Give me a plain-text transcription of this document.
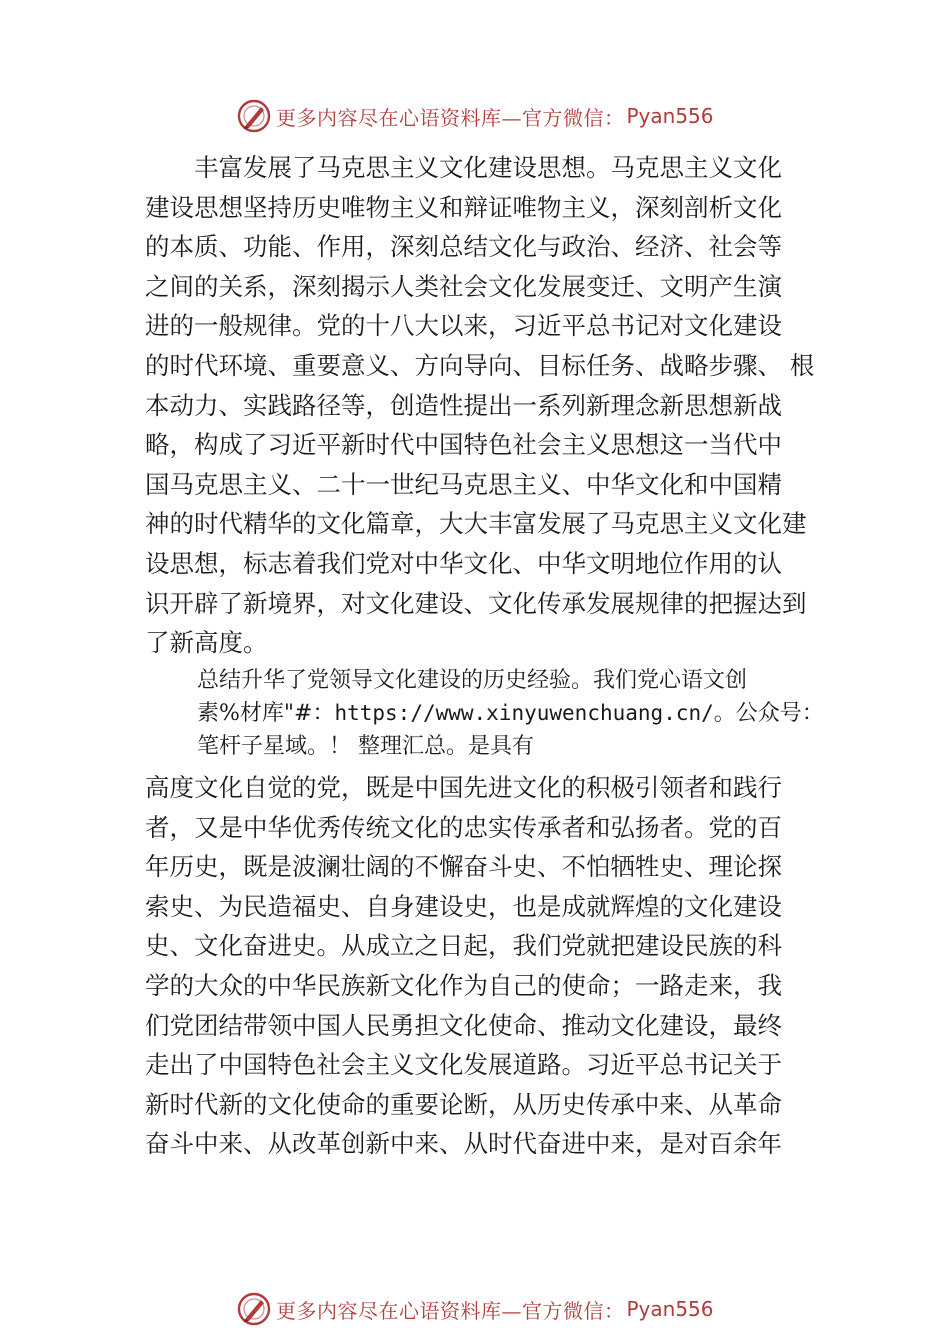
更多内容尽在心语资料库—官方微信： Pyan556
　　丰富发展了马克思主义文化建设思想。马克思主义文化
建设思想坚持历史唯物主义和辩证唯物主义，深刻剖析文化
的本质、功能、作用，深刻总结文化与政治、经济、社会等
之间的关系，深刻揭示人类社会文化发展变迁、文明产生演
进的一般规律。党的十八大以来，习近平总书记对文化建设
的时代环境、重要意义、方向导向、目标任务、战略步骤、 根
本动力、实践路径等，创造性提出一系列新理念新思想新战
略，构成了习近平新时代中国特色社会主义思想这一当代中
国马克思主义、二十一世纪马克思主义、中华文化和中国精
神的时代精华的文化篇章，大大丰富发展了马克思主义文化建
设思想，标志着我们党对中华文化、中华文明地位作用的认
识开辟了新境界，对文化建设、文化传承发展规律的把握达到
了新高度。
总结升华了党领导文化建设的历史经验。我们党心语文创
素%材库"#：https://www.xinyuwenchuang.cn/。公众号：
笔杆子星域。！ 整理汇总。是具有
高度文化自觉的党，既是中国先进文化的积极引领者和践行
者，又是中华优秀传统文化的忠实传承者和弘扬者。党的百
年历史，既是波澜壮阔的不懈奋斗史、不怕牺牲史、理论探
索史、为民造福史、自身建设史，也是成就辉煌的文化建设
史、文化奋进史。从成立之日起，我们党就把建设民族的科
学的大众的中华民族新文化作为自己的使命；一路走来，我
们党团结带领中国人民勇担文化使命、推动文化建设，最终
走出了中国特色社会主义文化发展道路。习近平总书记关于
新时代新的文化使命的重要论断，从历史传承中来、从革命
奋斗中来、从改革创新中来、从时代奋进中来，是对百余年
更多内容尽在心语资料库—官方微信： Pyan556
